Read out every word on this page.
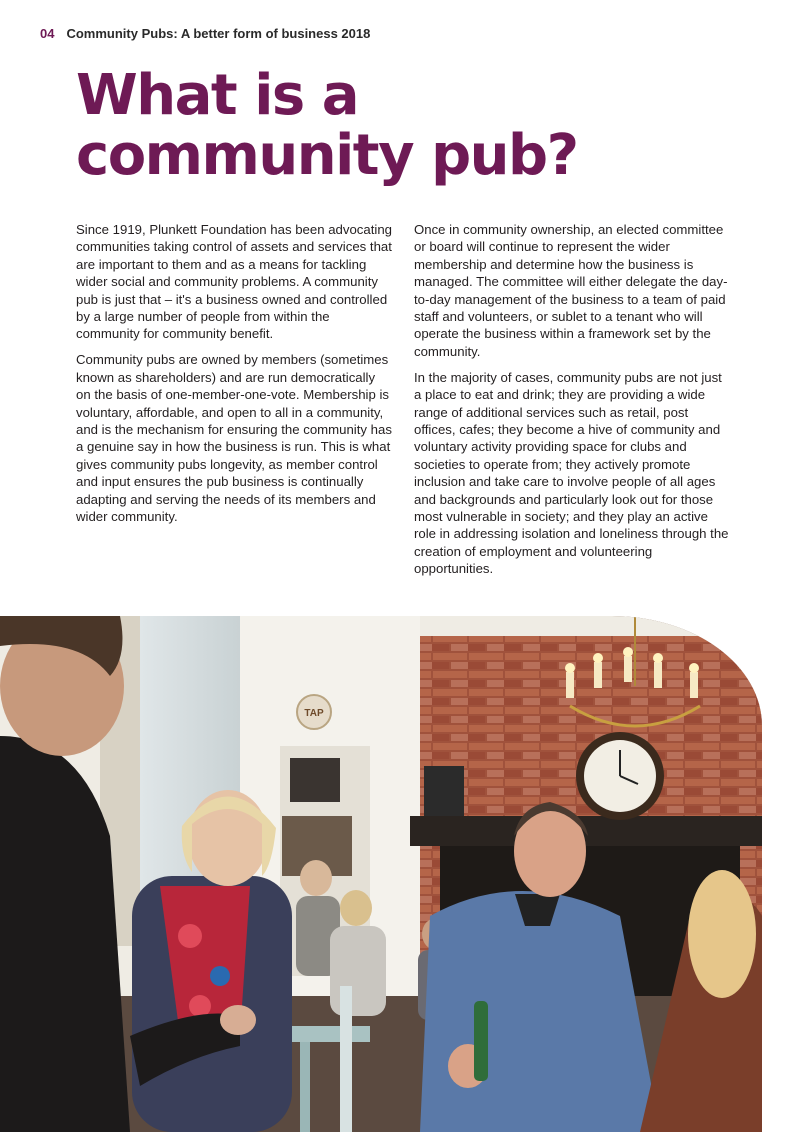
04 Community Pubs: A better form of business 2018
What is a
community pub?

Since 1919, Plunkett Foundation has been advocating communities taking control of assets and services that are important to them and as a means for tackling wider social and community problems. A community pub is just that – it's a business owned and controlled by a large number of people from within the community for community benefit.

Community pubs are owned by members (sometimes known as shareholders) and are run democratically on the basis of one-member-one-vote. Membership is voluntary, affordable, and open to all in a community, and is the mechanism for ensuring the community has a genuine say in how the business is run. This is what gives community pubs longevity, as member control and input ensures the pub business is continually adapting and serving the needs of its members and wider community.

Once in community ownership, an elected committee or board will continue to represent the wider membership and determine how the business is managed. The committee will either delegate the day-to-day management of the business to a team of paid staff and volunteers, or sublet to a tenant who will operate the business within a framework set by the community.

In the majority of cases, community pubs are not just a place to eat and drink; they are providing a wide range of additional services such as retail, post offices, cafes; they become a hive of community and voluntary activity providing space for clubs and societies to operate from; they actively promote inclusion and take care to involve people of all ages and backgrounds and particularly look out for those most vulnerable in society; and they play an active role in addressing isolation and loneliness through the creation of employment and volunteering opportunities.

TAP
